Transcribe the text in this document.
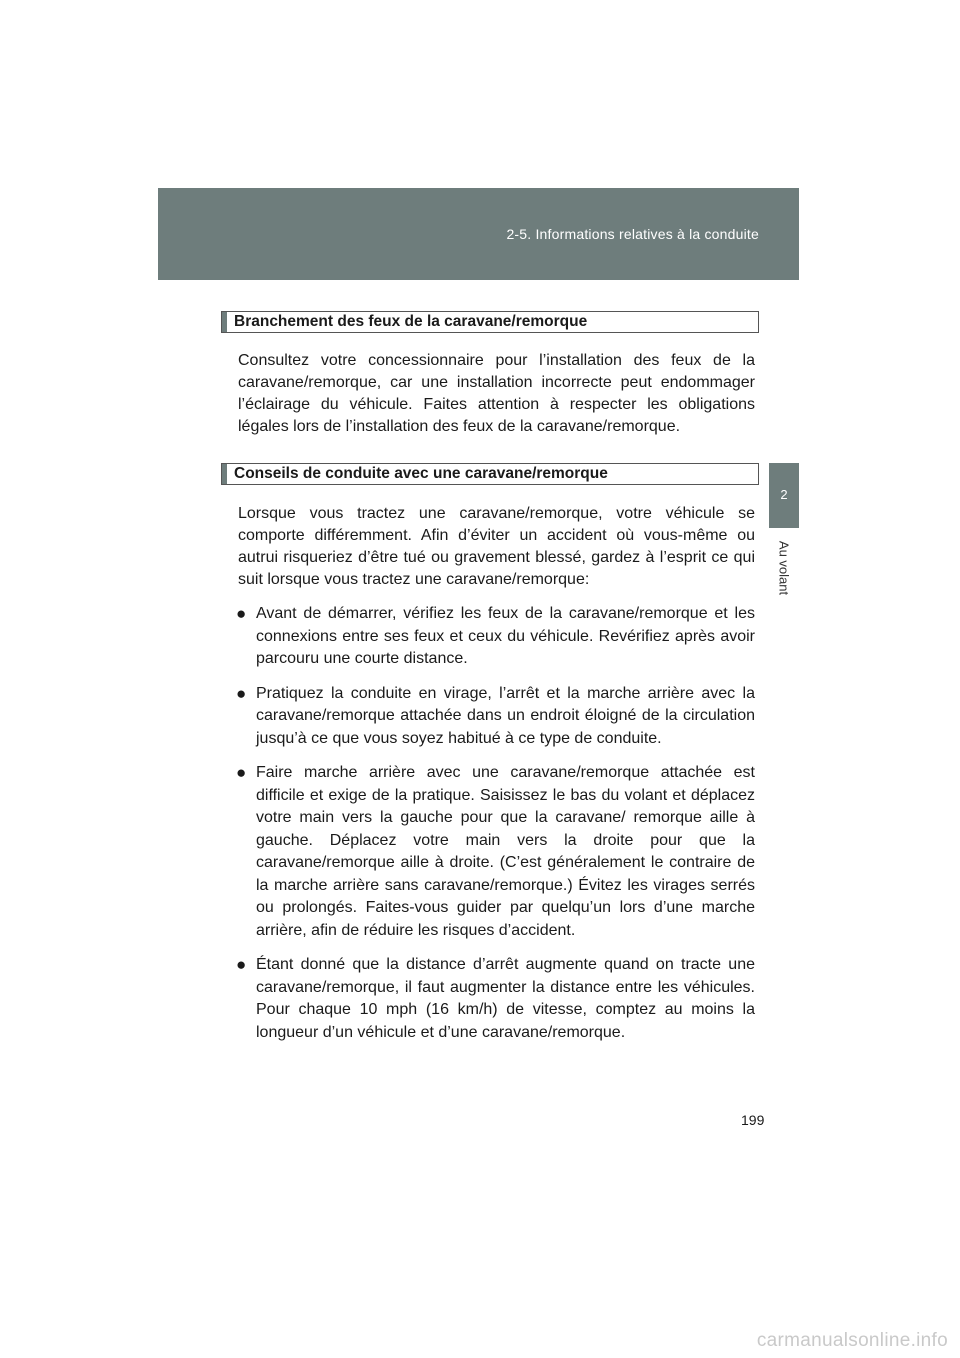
2-5. Informations relatives à la conduite
2
Au volant
Branchement des feux de la caravane/remorque

Consultez votre concessionnaire pour l’installation des feux de la caravane/remorque, car une installation incorrecte peut endommager l’éclairage du véhicule. Faites attention à respecter les obligations légales lors de l’installation des feux de la caravane/remorque.

Conseils de conduite avec une caravane/remorque

Lorsque vous tractez une caravane/remorque, votre véhicule se comporte différemment. Afin d’éviter un accident où vous-même ou autrui risqueriez d’être tué ou gravement blessé, gardez à l’esprit ce qui suit lorsque vous tractez une caravane/remorque:

● Avant de démarrer, vérifiez les feux de la caravane/remorque et les connexions entre ses feux et ceux du véhicule. Revérifiez après avoir parcouru une courte distance.
● Pratiquez la conduite en virage, l’arrêt et la marche arrière avec la caravane/remorque attachée dans un endroit éloigné de la circulation jusqu’à ce que vous soyez habitué à ce type de conduite.
● Faire marche arrière avec une caravane/remorque attachée est difficile et exige de la pratique. Saisissez le bas du volant et déplacez votre main vers la gauche pour que la caravane/ remorque aille à gauche. Déplacez votre main vers la droite pour que la caravane/remorque aille à droite. (C’est généralement le contraire de la marche arrière sans caravane/remorque.) Évitez les virages serrés ou prolongés. Faites-vous guider par quelqu’un lors d’une marche arrière, afin de réduire les risques d’accident.
● Étant donné que la distance d’arrêt augmente quand on tracte une caravane/remorque, il faut augmenter la distance entre les véhicules. Pour chaque 10 mph (16 km/h) de vitesse, comptez au moins la longueur d’un véhicule et d’une caravane/remorque.
199
carmanualsonline.info
